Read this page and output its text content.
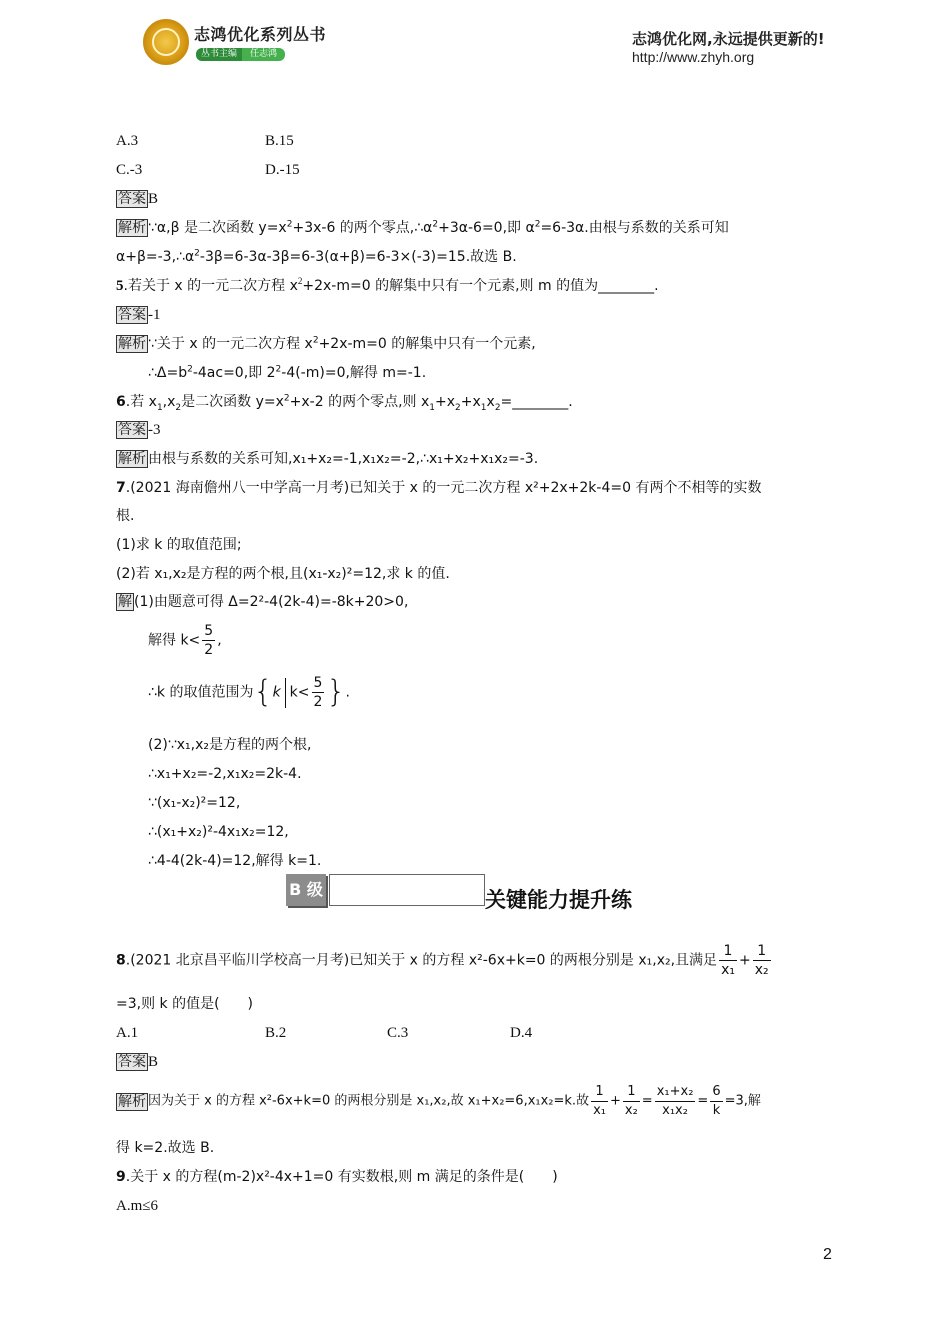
志鸿优化系列丛书
丛书主编 任志鸿
志鸿优化网,永远提供更新的!
http://www.zhyh.org
A.3	B.15
C.-3	D.-15
答案 B
解析 ∵α,β 是二次函数 $y=x^2+3x-6$ 的两个零点$,\therefore\alpha^2+3\alpha-6=0$,即 $\alpha^2=6-3\alpha$.由根与系数的关系可知
$\alpha+\beta=-3,\therefore\alpha^2-3\beta=6-3\alpha-3\beta=6-3(\alpha+\beta)=6-3\times(-3)=15$.故选 B.
5.若关于 x 的一元二次方程 $x^2+2x-m=0$ 的解集中只有一个元素,则 m 的值为________.
答案 -1
解析 ∵关于 x 的一元二次方程 $x^2+2x-m=0$ 的解集中只有一个元素,
$\therefore\Delta=b^2-4ac=0$,即 $2^2-4(-m)=0$,解得 m=-1.
6.若 $x_1,x_2$是二次函数 $y=x^2+x-2$ 的两个零点,则 $x_1+x_2+x_1x_2=\_\_\_\_\_\_\_\_$.
答案 -3
解析 由根与系数的关系可知,x₁+x₂=-1,x₁x₂=-2,∴x₁+x₂+x₁x₂=-3.
7.(2021 海南儋州八一中学高一月考)已知关于 x 的一元二次方程 x²+2x+2k-4=0 有两个不相等的实数
根.
(1)求 k 的取值范围;
(2)若 x₁,x₂是方程的两个根,且(x₁-x₂)²=12,求 k 的值.
解 (1)由题意可得 Δ=2²-4(2k-4)=-8k+20>0,
解得 $k< \frac{5}{2}$ ,
∴k 的取值范围为{k $k< \frac{5}{2}$ }.
(2)∵x₁,x₂是方程的两个根,
∴x₁+x₂=-2,x₁x₂=2k-4.
∵(x₁-x₂)²=12,
∴(x₁+x₂)²-4x₁x₂=12,
∴4-4(2k-4)=12,解得 k=1.
B 级	关键能力提升练
8.(2021 北京昌平临川学校高一月考)已知关于 x 的方程 x²-6x+k=0 的两根分别是 x₁,x₂,且满足 $\frac{1}{\text{x₁}} + \frac{1}{\text{x₂}}$
=3,则 k 的值是(　　)
A.1	B.2	C.3	D.4
答案 B
解析 因为关于 x 的方程 x²-6x+k=0 的两根分别是 x₁,x₂,故 x₁+x₂=6,x₁x₂=k.故 $\frac{1}{\text{x₁}} + \frac{1}{\text{x₂}} = \frac{\text{x₁+x₂}}{\text{x₁x₂}} = \frac{6}{k} =3$,解
得 k=2.故选 B.
9.关于 x 的方程(m-2)x²-4x+1=0 有实数根,则 m 满足的条件是(　　)
A.m≤6
2
